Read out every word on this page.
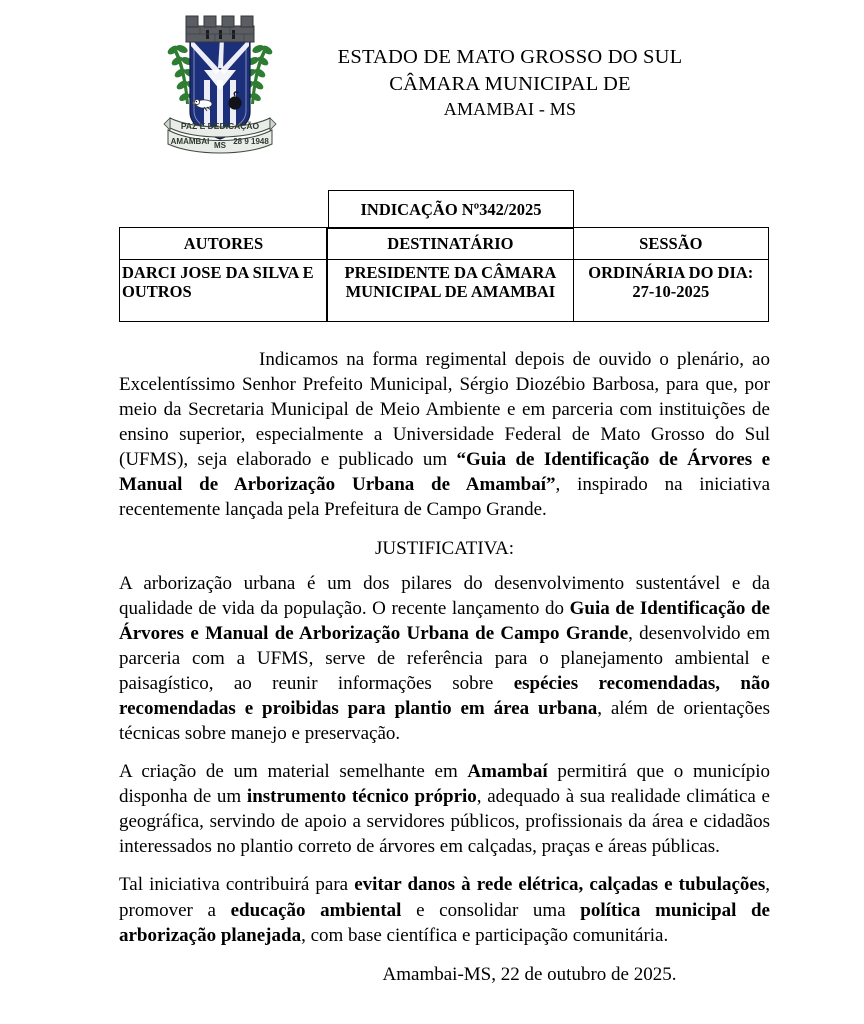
PAZ E DEDICAÇÃO
AMAMBAI MS 28 9 1948
ESTADO DE MATO GROSSO DO SUL
CÂMARA MUNICIPAL DE
AMAMBAI - MS
INDICAÇÃO Nº342/2025
AUTORES	DESTINATÁRIO	SESSÃO
DARCI JOSE DA SILVA E OUTROS
PRESIDENTE DA CÂMARA MUNICIPAL DE AMAMBAI
ORDINÁRIA DO DIA:
27-10-2025

Indicamos na forma regimental depois de ouvido o plenário, ao Excelentíssimo Senhor Prefeito Municipal, Sérgio Diozébio Barbosa, para que, por meio da Secretaria Municipal de Meio Ambiente e em parceria com instituições de ensino superior, especialmente a Universidade Federal de Mato Grosso do Sul (UFMS), seja elaborado e publicado um “Guia de Identificação de Árvores e Manual de Arborização Urbana de Amambaí”, inspirado na iniciativa recentemente lançada pela Prefeitura de Campo Grande.

JUSTIFICATIVA:

A arborização urbana é um dos pilares do desenvolvimento sustentável e da qualidade de vida da população. O recente lançamento do Guia de Identificação de Árvores e Manual de Arborização Urbana de Campo Grande, desenvolvido em parceria com a UFMS, serve de referência para o planejamento ambiental e paisagístico, ao reunir informações sobre espécies recomendadas, não recomendadas e proibidas para plantio em área urbana, além de orientações técnicas sobre manejo e preservação.

A criação de um material semelhante em Amambaí permitirá que o município disponha de um instrumento técnico próprio, adequado à sua realidade climática e geográfica, servindo de apoio a servidores públicos, profissionais da área e cidadãos interessados no plantio correto de árvores em calçadas, praças e áreas públicas.

Tal iniciativa contribuirá para evitar danos à rede elétrica, calçadas e tubulações, promover a educação ambiental e consolidar uma política municipal de arborização planejada, com base científica e participação comunitária.

Amambai-MS, 22 de outubro de 2025.
